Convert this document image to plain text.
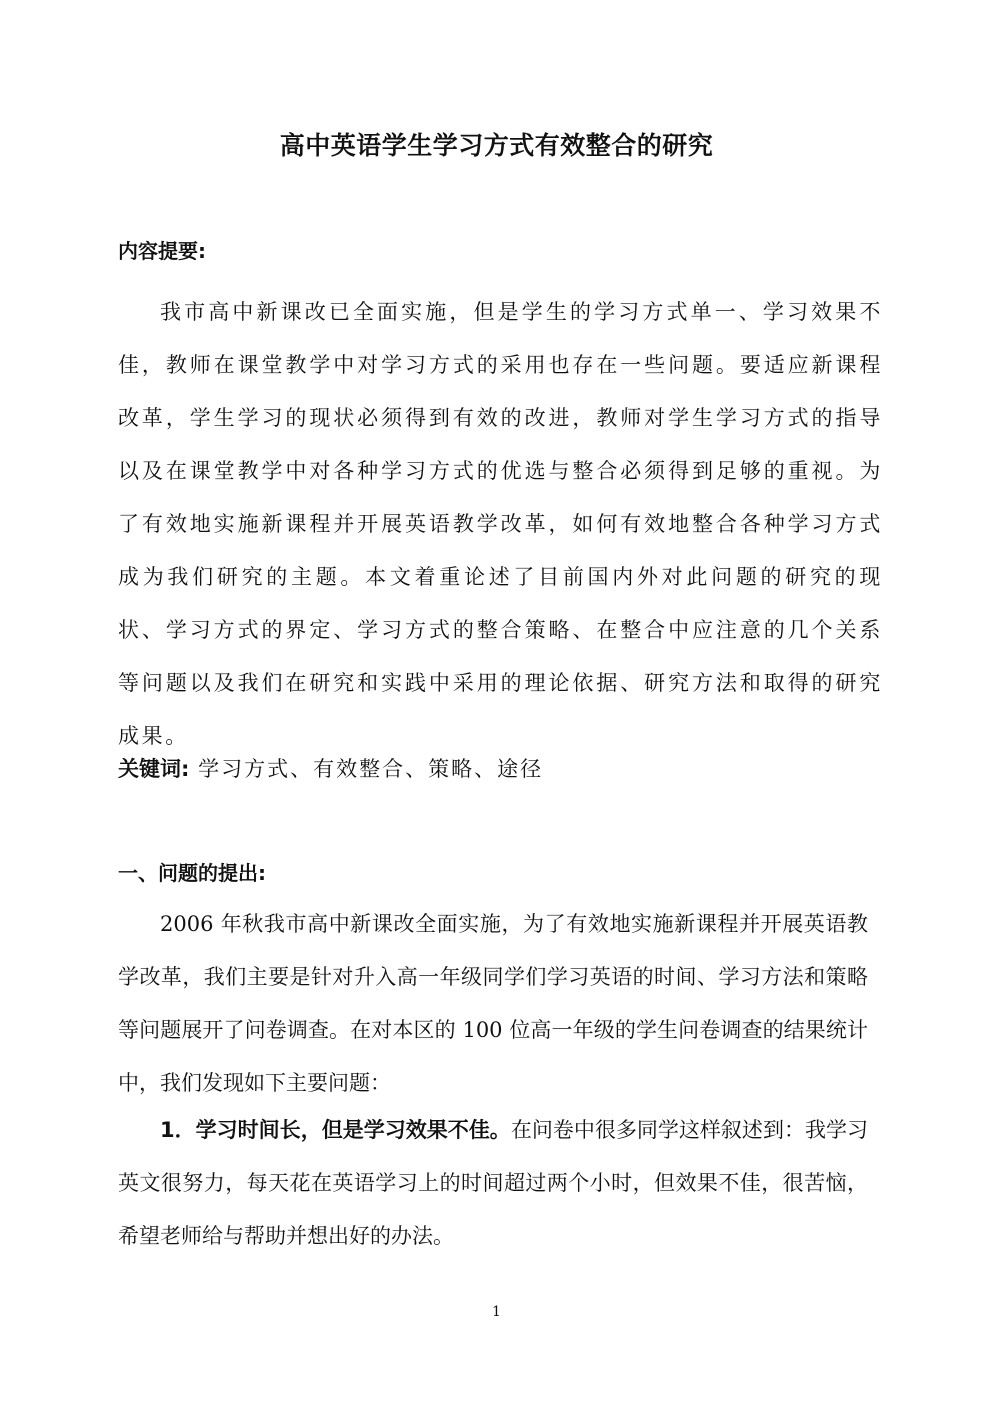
高中英语学生学习方式有效整合的研究
内容提要:

我市高中新课改已全面实施，但是学生的学习方式单一、学习效果不佳，教师在课堂教学中对学习方式的采用也存在一些问题。要适应新课程改革，学生学习的现状必须得到有效的改进，教师对学生学习方式的指导以及在课堂教学中对各种学习方式的优选与整合必须得到足够的重视。为了有效地实施新课程并开展英语教学改革，如何有效地整合各种学习方式成为我们研究的主题。本文着重论述了目前国内外对此问题的研究的现状、学习方式的界定、学习方式的整合策略、在整合中应注意的几个关系等问题以及我们在研究和实践中采用的理论依据、研究方法和取得的研究成果。

关键词: 学习方式、有效整合、策略、途径
一、问题的提出:

2006 年秋我市高中新课改全面实施，为了有效地实施新课程并开展英语教学改革，我们主要是针对升入高一年级同学们学习英语的时间、学习方法和策略等问题展开了问卷调查。在对本区的 100 位高一年级的学生问卷调查的结果统计中，我们发现如下主要问题：

1．学习时间长，但是学习效果不佳。在问卷中很多同学这样叙述到：我学习英文很努力，每天花在英语学习上的时间超过两个小时，但效果不佳，很苦恼，希望老师给与帮助并想出好的办法。

1
